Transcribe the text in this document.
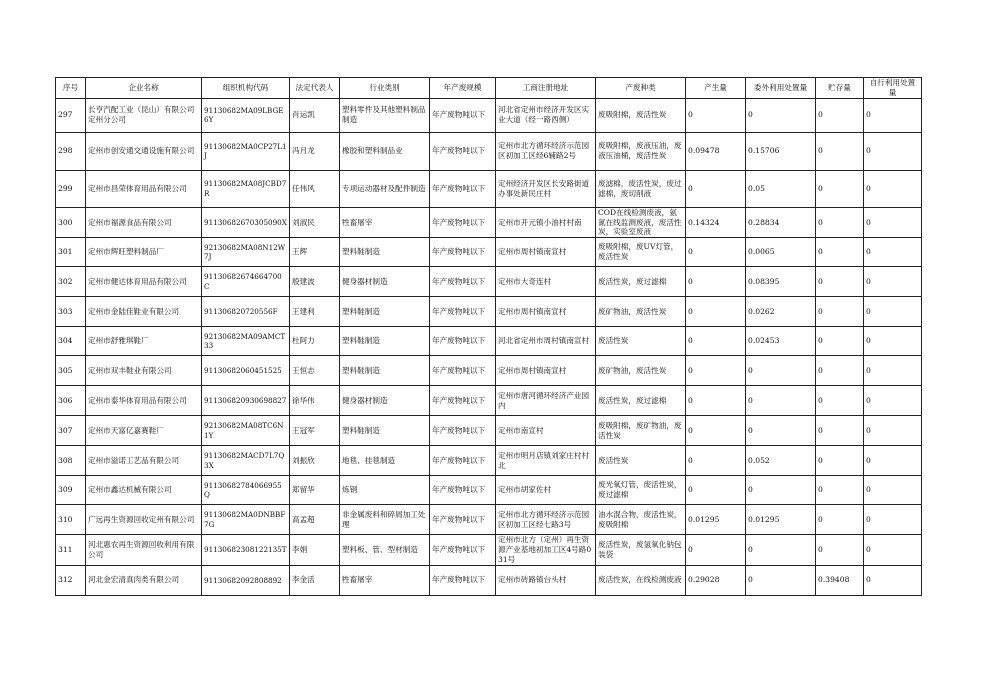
序号	企业名称	组织机构代码	法定代表人	行业类别	年产废规模	工商注册地址	产废种类	产生量	委外利用处置量	贮存量	自行利用处置量

297	长亨汽配工业（昆山）有限公司定州分公司	91130682MA09LBGE6Y	肖运凯	塑料零件及其他塑料制品制造	年产废物吨以下	河北省定州市经济开发区实业大道（经一路西侧）	废吸附棉，废活性炭	0	0	0	0

298	定州市创安通交通设施有限公司	91130682MA0CP27L1J	冯月龙	橡胶和塑料制品业	年产废物吨以下	定州市北方循环经济示范园区初加工区经6辅路2号	废吸附棉，废液压油，废液压油桶，废活性炭	0.09478	0.15706	0	0

299	定州市昌荣体育用品有限公司	91130682MA08JCBD7R	任伟风	专项运动器材及配件制造	年产废物吨以下	定州经济开发区长安路街道办事处新民庄村	废滤棉，废活性炭，废过滤棉，废切削液	0	0.05	0	0

300	定州市福源食品有限公司	91130682670305090X	刘淑民	牲畜屠宰	年产废物吨以下	定州市开元镇小油村村南	COD在线检测废液，氨氮在线监测废液，废活性炭，实验室废液	0.14324	0.28834	0	0

301	定州市辉旺塑料制品厂	92130682MA08N12W7J	王辉	塑料鞋制造	年产废物吨以下	定州市周村镇南宣村	废吸附棉，废UV灯管，废活性炭	0	0.0065	0	0

302	定州市健达体育用品有限公司	91130682674664700C	殷建波	健身器材制造	年产废物吨以下	定州市大奇连村	废活性炭，废过滤棉	0	0.08395	0	0

303	定州市金陆佳鞋业有限公司	911306820720556F	王建利	塑料鞋制造	年产废物吨以下	定州市周村镇南宣村	废矿物油，废活性炭	0	0.0262	0	0

304	定州市舒雅琪鞋厂	92130682MA09AMCT33	杜阿力	塑料鞋制造	年产废物吨以下	河北省定州市周村镇南宣村	废活性炭	0	0.02453	0	0

305	定州市双丰鞋业有限公司	91130682060451525	王恒志	塑料鞋制造	年产废物吨以下	定州市周村镇南宣村	废矿物油，废活性炭	0	0	0	0

306	定州市泰华体育用品有限公司	911306820930698827	徐华伟	健身器材制造	年产废物吨以下	定州市唐河循环经济产业园内	废活性炭，废过滤棉	0	0	0	0

307	定州市天富亿嘉赛鞋厂	92130682MA08TC6N1Y	王冠军	塑料鞋制造	年产废物吨以下	定州市南宣村	废吸附棉，废矿物油，废活性炭	0	0	0	0

308	定州市溢诺工艺品有限公司	91130682MACD7L7Q3X	刘振欣	地毯、挂毯制造	年产废物吨以下	定州市明月店镇刘家庄村村北	废活性炭	0	0.052	0	0

309	定州市鑫达机械有限公司	91130682784066955Q	郑留华	炼钢	年产废物吨以下	定州市胡家佐村	废光氧灯管，废活性炭，废过滤棉	0	0	0	0

310	广远再生资源回收定州有限公司	91130682MA0DNBBF7G	高孟超	非金属废料和碎屑加工处理	年产废物吨以下	定州市北方循环经济示范园区初加工区经七路3号	油水混合物，废活性炭，废吸附棉	0.01295	0.01295	0	0

311	河北惠农再生资源回收利用有限公司	91130682308122135T	李娟	塑料板、管、型材制造	年产废物吨以下	定州市北方（定州）再生资源产业基地初加工区4号路031号	废活性炭，废氢氧化钠包装袋	0	0	0	0

312	河北金宏清真肉类有限公司	91130682092808892	李金活	牲畜屠宰	年产废物吨以下	定州市砖路镇台头村	废活性炭，在线检测废液	0.29028	0	0.39408	0
